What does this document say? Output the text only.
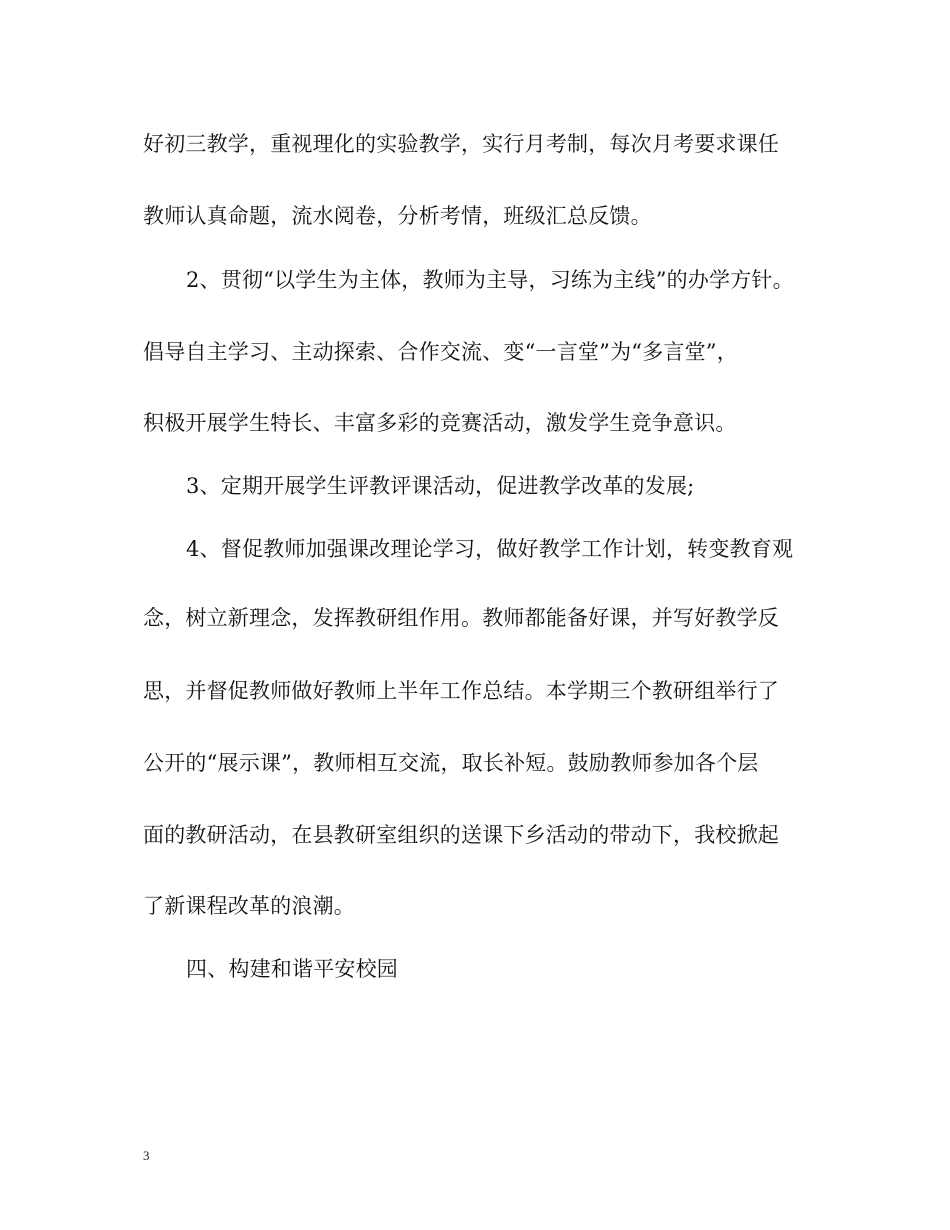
好初三教学，重视理化的实验教学，实行月考制，每次月考要求课任
教师认真命题，流水阅卷，分析考情，班级汇总反馈。
2、贯彻“以学生为主体，教师为主导，习练为主线”的办学方针。
倡导自主学习、主动探索、合作交流、变“一言堂”为“多言堂”，
积极开展学生特长、丰富多彩的竞赛活动，激发学生竞争意识。
3、定期开展学生评教评课活动，促进教学改革的发展;
4、督促教师加强课改理论学习，做好教学工作计划，转变教育观
念，树立新理念，发挥教研组作用。教师都能备好课，并写好教学反
思，并督促教师做好教师上半年工作总结。本学期三个教研组举行了
公开的“展示课”，教师相互交流，取长补短。鼓励教师参加各个层
面的教研活动，在县教研室组织的送课下乡活动的带动下，我校掀起
了新课程改革的浪潮。
四、构建和谐平安校园
3
